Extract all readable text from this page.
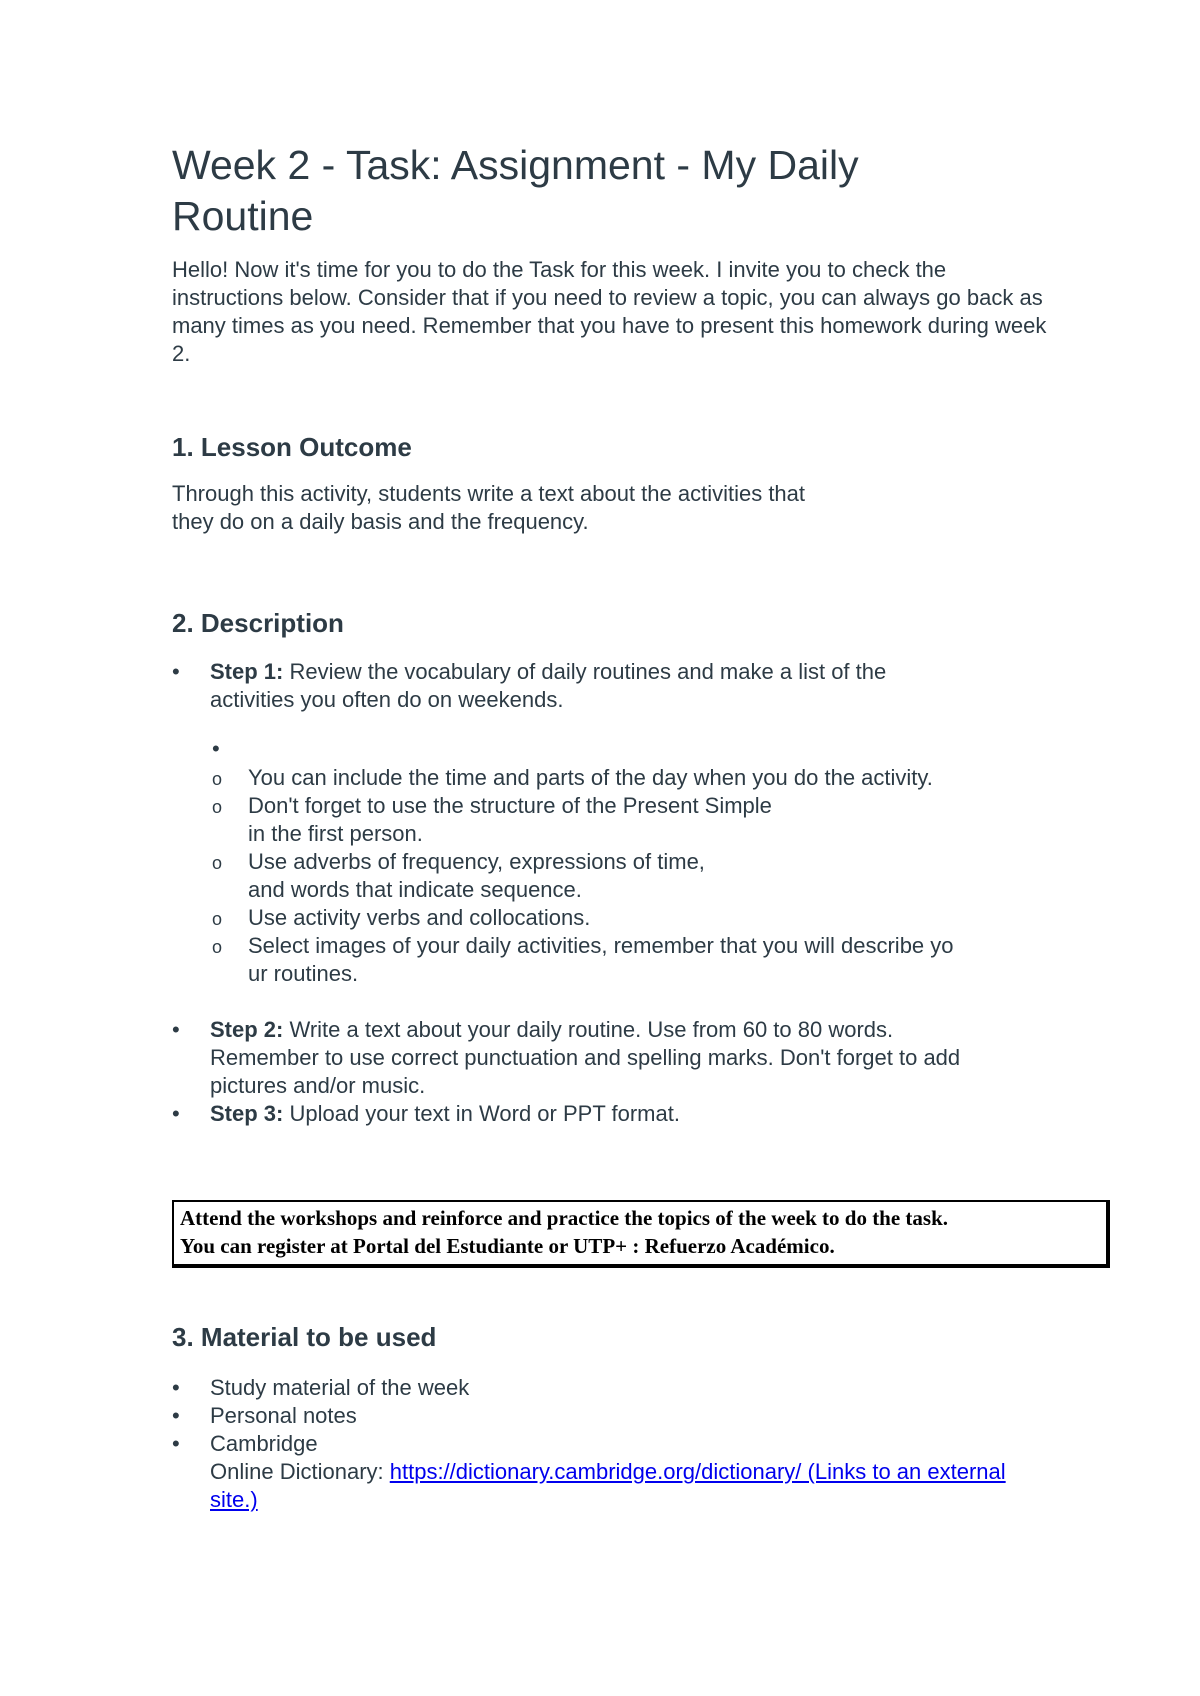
Week 2 - Task: Assignment - My Daily Routine

Hello! Now it's time for you to do the Task for this week. I invite you to check the instructions below. Consider that if you need to review a topic, you can always go back as many times as you need. Remember that you have to present this homework during week 2.

1. Lesson Outcome

Through this activity, students write a text about the activities that

they do on a daily basis and the frequency.

2. Description
•	Step 1: Review the vocabulary of daily routines and make a list of the activities you often do on weekends.
•
o You can include the time and parts of the day when you do the activity.
o Don't forget to use the structure of the Present Simple
in the first person.
o Use adverbs of frequency, expressions of time,
and words that indicate sequence.
o Use activity verbs and collocations.
o Select images of your daily activities, remember that you will describe yo
ur routines.
•	Step 2: Write a text about your daily routine. Use from 60 to 80 words. Remember to use correct punctuation and spelling marks. Don't forget to add pictures and/or music.
•	Step 3: Upload your text in Word or PPT format.
Attend the workshops and reinforce and practice the topics of the week to do the task.
You can register at Portal del Estudiante or UTP+ : Refuerzo Académico.
3. Material to be used
•	Study material of the week
•	Personal notes
•	Cambridge
Online Dictionary: https://dictionary.cambridge.org/dictionary/ (Links to an external site.)
